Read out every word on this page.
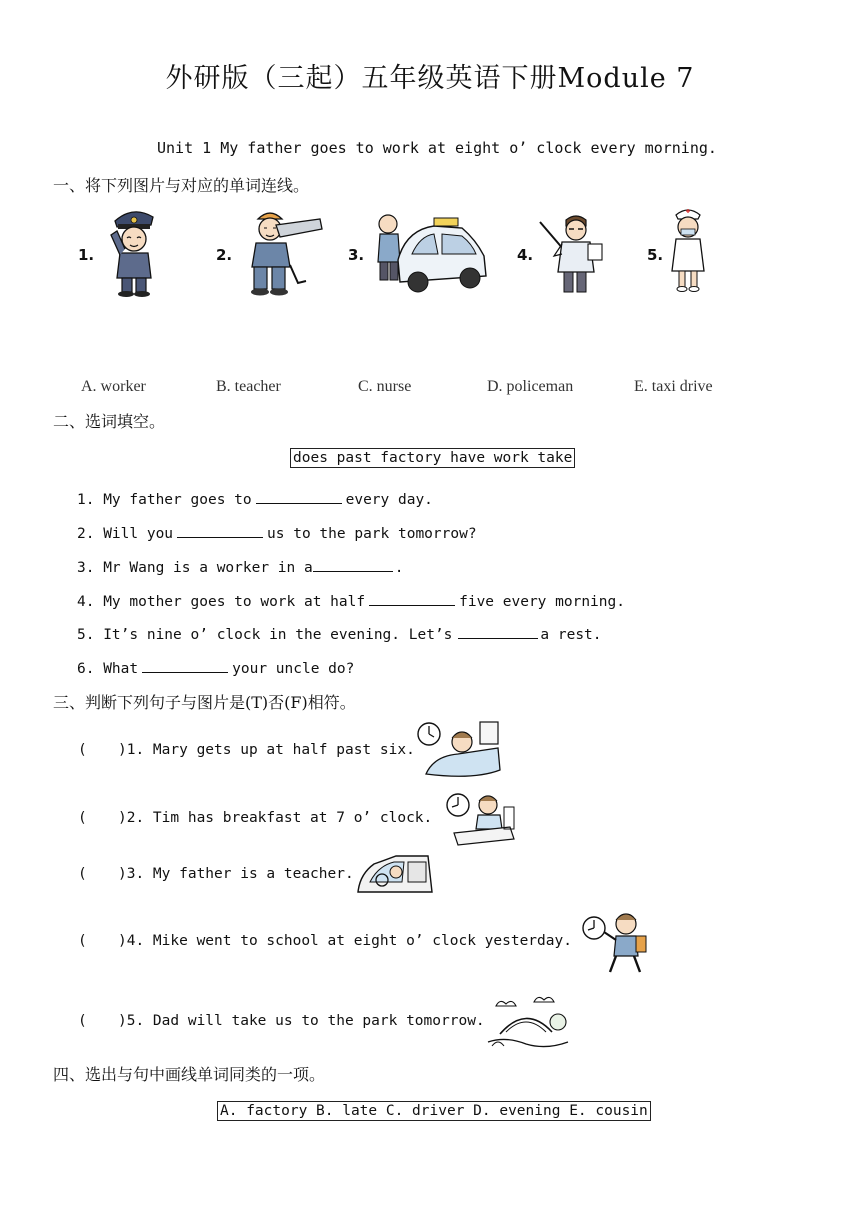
外研版（三起）五年级英语下册Module 7
Unit 1 My father goes to work at eight o’ clock every morning.
一、将下列图片与对应的单词连线。
1.	2.	3.	4.	5.
A. worker	B. teacher	C. nurse	D. policeman	E. taxi drive
二、选词填空。
does past factory have work take
1. My father goes to	every day.
2. Will you	us to the park tomorrow?
3. Mr Wang is a worker in a	.
4. My mother goes to work at half	five every morning.
5. It’s nine o’ clock in the evening. Let’s	a rest.
6. What	your uncle do?
三、判断下列句子与图片是(T)否(F)相符。
( )1. Mary gets up at half past six.
( )2. Tim has breakfast at 7 o’ clock.
( )3. My father is a teacher.
( )4. Mike went to school at eight o’ clock yesterday.
( )5. Dad will take us to the park tomorrow.
四、选出与句中画线单词同类的一项。
A. factory B. late C. driver D. evening E. cousin
